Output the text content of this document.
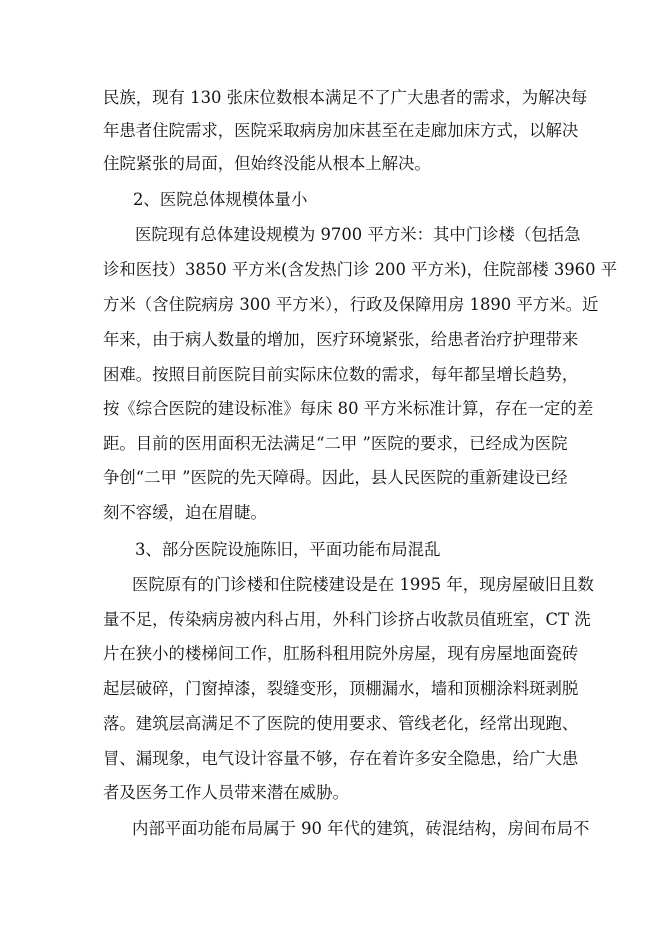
民族，现有 130 张床位数根本满足不了广大患者的需求，为解决每
年患者住院需求，医院采取病房加床甚至在走廊加床方式，以解决
住院紧张的局面，但始终没能从根本上解决。
2、医院总体规模体量小
医院现有总体建设规模为 9700 平方米：其中门诊楼（包括急
诊和医技）3850 平方米(含发热门诊 200 平方米)，住院部楼 3960 平
方米（含住院病房 300 平方米），行政及保障用房 1890 平方米。近
年来，由于病人数量的增加，医疗环境紧张，给患者治疗护理带来
困难。按照目前医院目前实际床位数的需求，每年都呈增长趋势，
按《综合医院的建设标准》每床 80 平方米标准计算，存在一定的差
距。目前的医用面积无法满足“二甲 ”医院的要求，已经成为医院
争创“二甲 ”医院的先天障碍。因此，县人民医院的重新建设已经
刻不容缓，迫在眉睫。
3、部分医院设施陈旧，平面功能布局混乱
医院原有的门诊楼和住院楼建设是在 1995 年，现房屋破旧且数
量不足，传染病房被内科占用，外科门诊挤占收款员值班室，CT 洗
片在狭小的楼梯间工作，肛肠科租用院外房屋，现有房屋地面瓷砖
起层破碎，门窗掉漆，裂缝变形，顶棚漏水，墙和顶棚涂料斑剥脱
落。建筑层高满足不了医院的使用要求、管线老化，经常出现跑、
冒、漏现象，电气设计容量不够，存在着许多安全隐患，给广大患
者及医务工作人员带来潜在威胁。
内部平面功能布局属于 90 年代的建筑，砖混结构，房间布局不
